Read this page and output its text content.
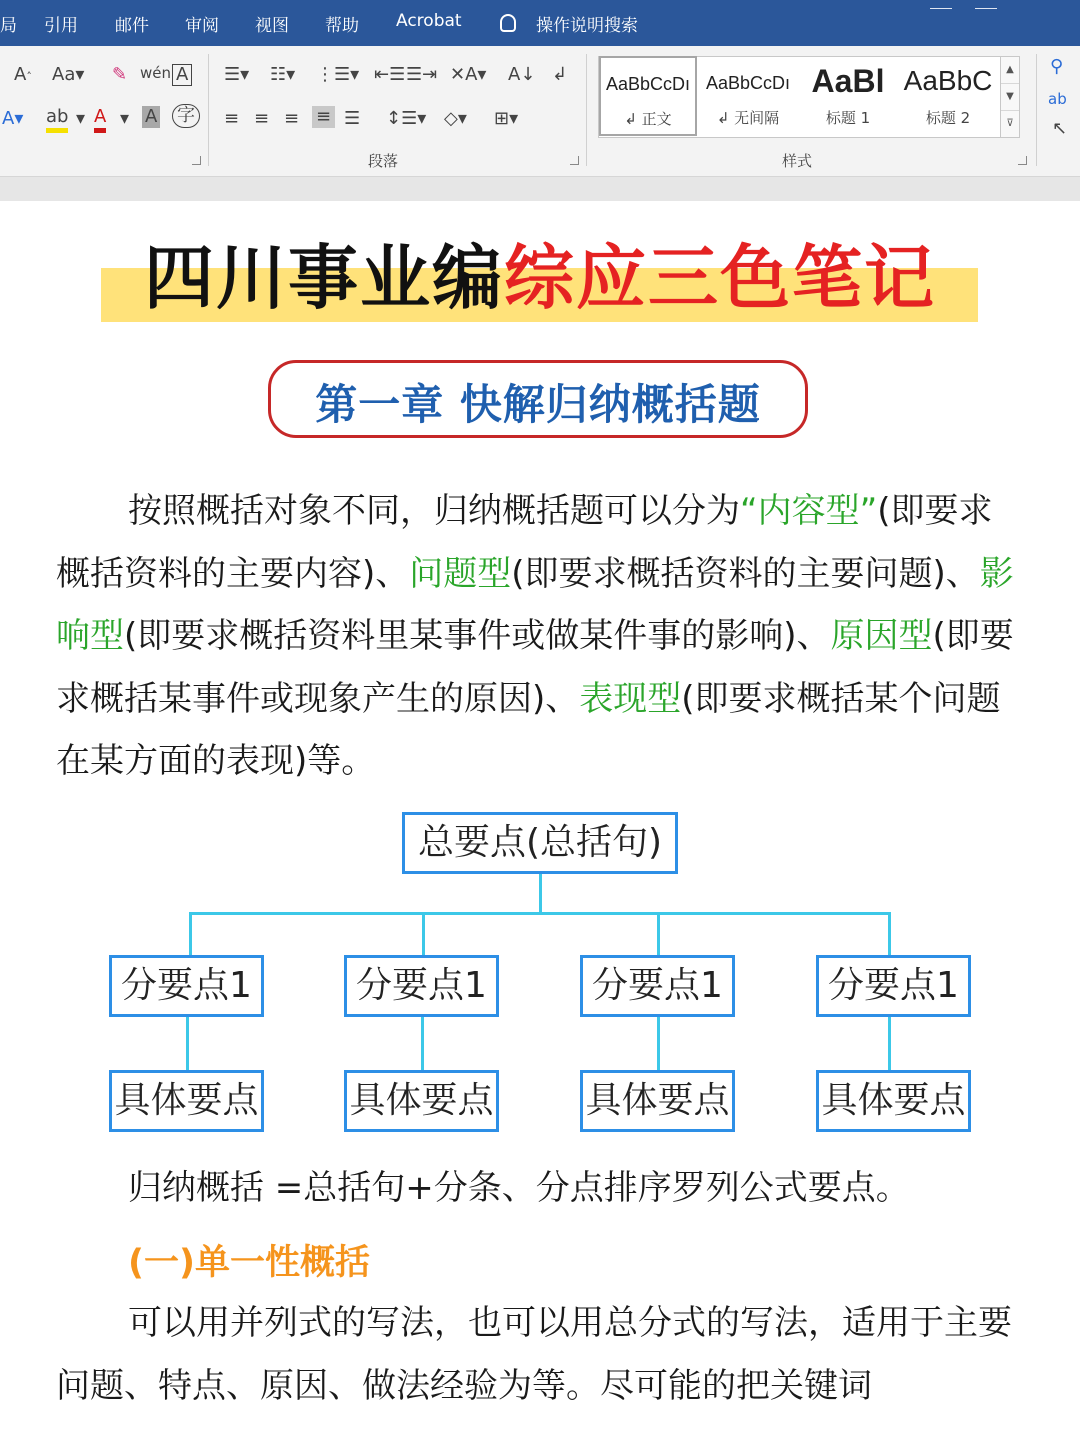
局 引用 邮件 审阅 视图 帮助 Acrobat	操作说明搜索
A˄ Aa▾ ✎ wén A
A▾ ab ▾ A ▾ A 字
☰▾ ☷▾ ⋮☰▾ ⇤☰ ☰⇥ ✕A▾ A↓ ↲
≡ ≡ ≡ ≡ ☰ ↕☰▾ ◇▾ ⊞▾
段落
AaBbCcDı
↲ 正文
AaBbCcDı
↲ 无间隔
AaBl
标题 1
AaBbC
标题 2
▲
▼
⊽
样式
⚲
ab
↖
四川事业编综应三色笔记
第一章 快解归纳概括题
按照概括对象不同，归纳概括题可以分为“内容型”(即要求概括资料的主要内容)、问题型(即要求概括资料的主要问题)、影响型(即要求概括资料里某事件或做某件事的影响)、原因型(即要求概括某事件或现象产生的原因)、表现型(即要求概括某个问题在某方面的表现)等。
总要点(总括句)
分要点1	分要点1	分要点1	分要点1
具体要点	具体要点	具体要点	具体要点
归纳概括 =总括句+分条、分点排序罗列公式要点。
(一)单一性概括
可以用并列式的写法，也可以用总分式的写法，适用于主要问题、特点、原因、做法经验为等。尽可能的把关键词
